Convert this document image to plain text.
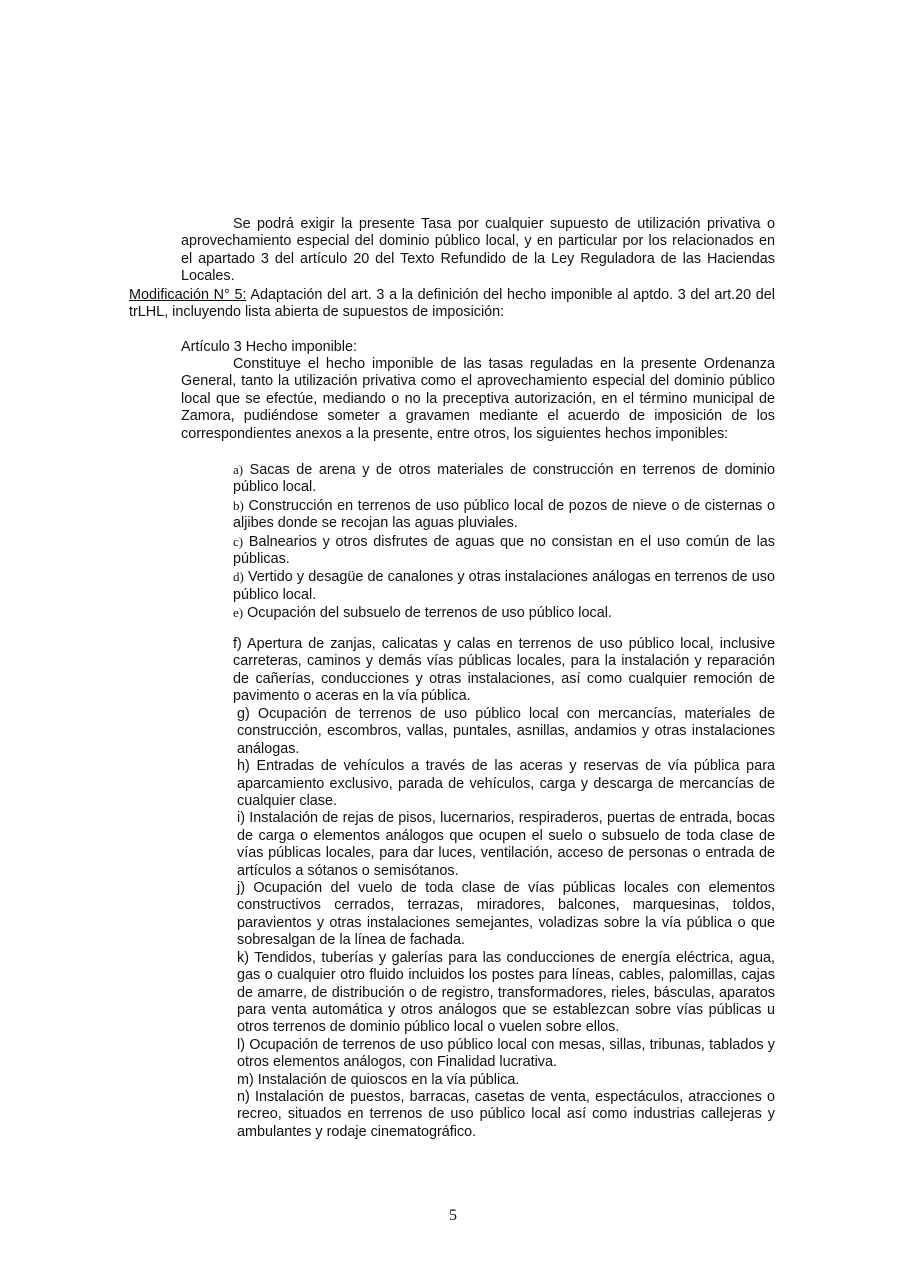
Se podrá exigir la presente Tasa por cualquier supuesto de utilización privativa o aprovechamiento especial del dominio público local, y en particular por los relacionados en el apartado 3 del artículo 20 del Texto Refundido de la Ley Reguladora de las Haciendas Locales.

Modificación N° 5: Adaptación del art. 3 a la definición del hecho imponible al aptdo. 3 del art.20 del trLHL, incluyendo lista abierta de supuestos de imposición:

Artículo 3 Hecho imponible:

Constituye el hecho imponible de las tasas reguladas en la presente Ordenanza General, tanto la utilización privativa como el aprovechamiento especial del dominio público local que se efectúe, mediando o no la preceptiva autorización, en el término municipal de Zamora, pudiéndose someter a gravamen mediante el acuerdo de imposición de los correspondientes anexos a la presente, entre otros, los siguientes hechos imponibles:

a) Sacas de arena y de otros materiales de construcción en terrenos de dominio público local.

b) Construcción en terrenos de uso público local de pozos de nieve o de cisternas o aljibes donde se recojan las aguas pluviales.

c) Balnearios y otros disfrutes de aguas que no consistan en el uso común de las públicas.

d) Vertido y desagüe de canalones y otras instalaciones análogas en terrenos de uso público local.

e) Ocupación del subsuelo de terrenos de uso público local.

f) Apertura de zanjas, calicatas y calas en terrenos de uso público local, inclusive carreteras, caminos y demás vías públicas locales, para la instalación y reparación de cañerías, conducciones y otras instalaciones, así como cualquier remoción de pavimento o aceras en la vía pública.

g) Ocupación de terrenos de uso público local con mercancías, materiales de construcción, escombros, vallas, puntales, asnillas, andamios y otras instalaciones análogas.

h) Entradas de vehículos a través de las aceras y reservas de vía pública para aparcamiento exclusivo, parada de vehículos, carga y descarga de mercancías de cualquier clase.

i) Instalación de rejas de pisos, lucernarios, respiraderos, puertas de entrada, bocas de carga o elementos análogos que ocupen el suelo o subsuelo de toda clase de vías públicas locales, para dar luces, ventilación, acceso de personas o entrada de artículos a sótanos o semisótanos.

j) Ocupación del vuelo de toda clase de vías públicas locales con elementos constructivos cerrados, terrazas, miradores, balcones, marquesinas, toldos, paravientos y otras instalaciones semejantes, voladizas sobre la vía pública o que sobresalgan de la línea de fachada.

k) Tendidos, tuberías y galerías para las conducciones de energía eléctrica, agua, gas o cualquier otro fluido incluidos los postes para líneas, cables, palomillas, cajas de amarre, de distribución o de registro, transformadores, rieles, básculas, aparatos para venta automática y otros análogos que se establezcan sobre vías públicas u otros terrenos de dominio público local o vuelen sobre ellos.

l) Ocupación de terrenos de uso público local con mesas, sillas, tribunas, tablados y otros elementos análogos, con Finalidad lucrativa.

m) Instalación de quioscos en la vía pública.

n) Instalación de puestos, barracas, casetas de venta, espectáculos, atracciones o recreo, situados en terrenos de uso público local así como industrias callejeras y ambulantes y rodaje cinematográfico.

5
